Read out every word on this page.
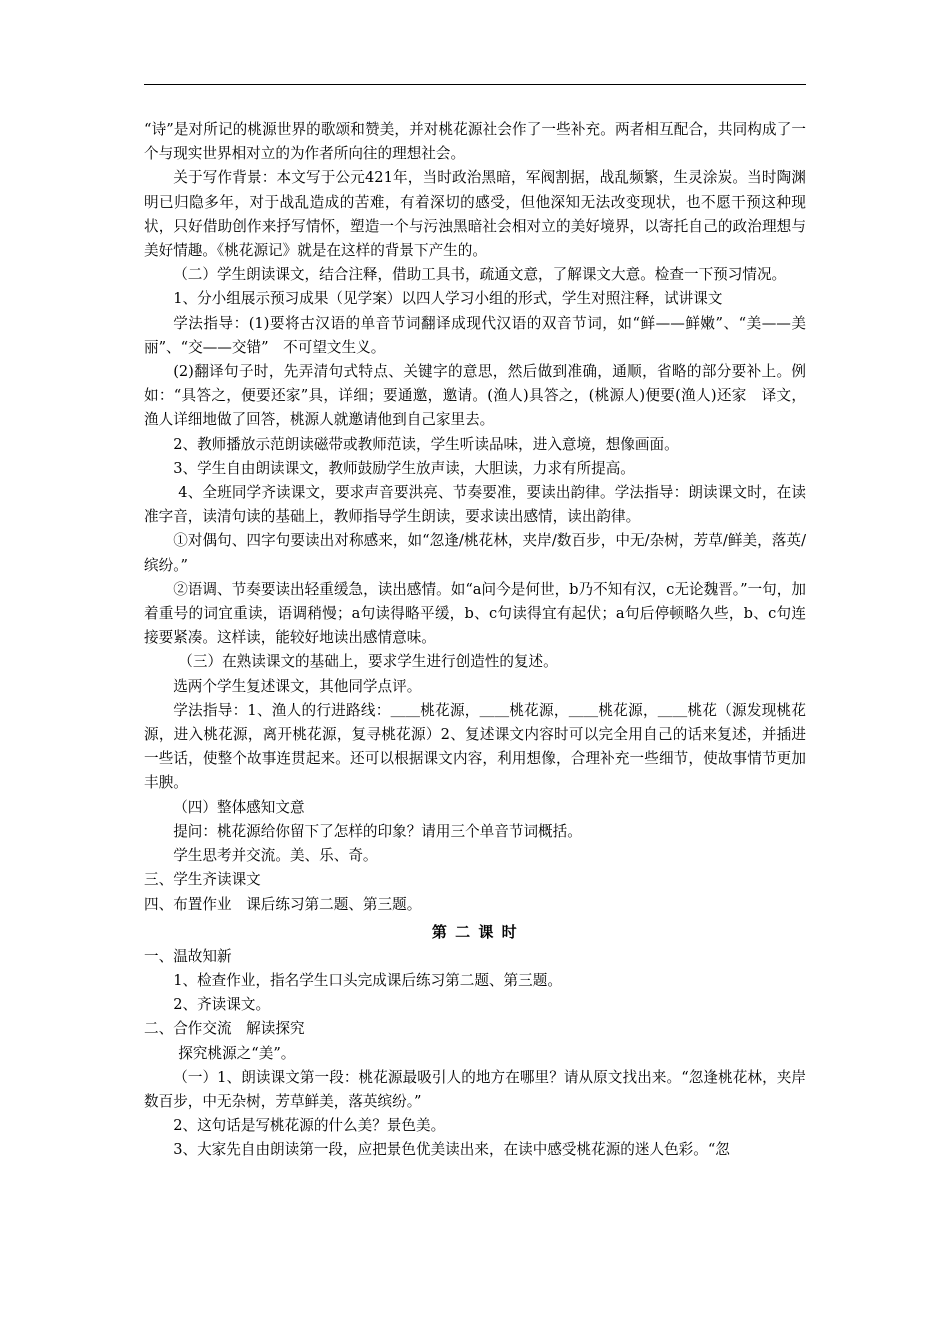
“诗”是对所记的桃源世界的歌颂和赞美，并对桃花源社会作了一些补充。两者相互配合，共同构成了一个与现实世界相对立的为作者所向往的理想社会。

关于写作背景：本文写于公元421年，当时政治黑暗，军阀割据，战乱频繁，生灵涂炭。当时陶渊明已归隐多年，对于战乱造成的苦难，有着深切的感受，但他深知无法改变现状，也不愿干预这种现状，只好借助创作来抒写情怀，塑造一个与污浊黑暗社会相对立的美好境界，以寄托自己的政治理想与美好情趣。《桃花源记》就是在这样的背景下产生的。

（二）学生朗读课文，结合注释，借助工具书，疏通文意，了解课文大意。检查一下预习情况。

1、分小组展示预习成果（见学案）以四人学习小组的形式，学生对照注释，试讲课文

学法指导：(1)要将古汉语的单音节词翻译成现代汉语的双音节词，如“鲜——鲜嫩”、“美——美丽”、“交——交错”　不可望文生义。

(2)翻译句子时，先弄清句式特点、关键字的意思，然后做到准确，通顺，省略的部分要补上。例如：“具答之，便要还家”具，详细；要通邀，邀请。(渔人)具答之，(桃源人)便要(渔人)还家　译文，渔人详细地做了回答，桃源人就邀请他到自己家里去。

2、教师播放示范朗读磁带或教师范读，学生听读品味，进入意境，想像画面。

3、学生自由朗读课文，教师鼓励学生放声读，大胆读，力求有所提高。

4、全班同学齐读课文，要求声音要洪亮、节奏要准，要读出韵律。学法指导：朗读课文时，在读准字音，读清句读的基础上，教师指导学生朗读，要求读出感情，读出韵律。

①对偶句、四字句要读出对称感来，如“忽逢/桃花林，夹岸/数百步，中无/杂树，芳草/鲜美，落英/缤纷。”

②语调、节奏要读出轻重缓急，读出感情。如“a问今是何世，b乃不知有汉，c无论魏晋。”一句，加着重号的词宜重读，语调稍慢；a句读得略平缓，b、c句读得宜有起伏；a句后停顿略久些，b、c句连接要紧凑。这样读，能较好地读出感情意味。

（三）在熟读课文的基础上，要求学生进行创造性的复述。

选两个学生复述课文，其他同学点评。

学法指导：1、渔人的行进路线：＿＿桃花源，＿＿桃花源，＿＿桃花源，＿＿桃花（源发现桃花源，进入桃花源，离开桃花源，复寻桃花源）2、复述课文内容时可以完全用自己的话来复述，并插进一些话，使整个故事连贯起来。还可以根据课文内容，利用想像，合理补充一些细节，使故事情节更加丰腴。

（四）整体感知文意

提问：桃花源给你留下了怎样的印象？请用三个单音节词概括。

学生思考并交流。美、乐、奇。

三、学生齐读课文

四、布置作业　课后练习第二题、第三题。

第 二 课 时

一、温故知新

1、检查作业，指名学生口头完成课后练习第二题、第三题。

2、齐读课文。

二、合作交流　解读探究

探究桃源之“美”。

（一）1、朗读课文第一段：桃花源最吸引人的地方在哪里？请从原文找出来。“忽逢桃花林，夹岸数百步，中无杂树，芳草鲜美，落英缤纷。”

2、这句话是写桃花源的什么美？景色美。

3、大家先自由朗读第一段，应把景色优美读出来，在读中感受桃花源的迷人色彩。“忽
